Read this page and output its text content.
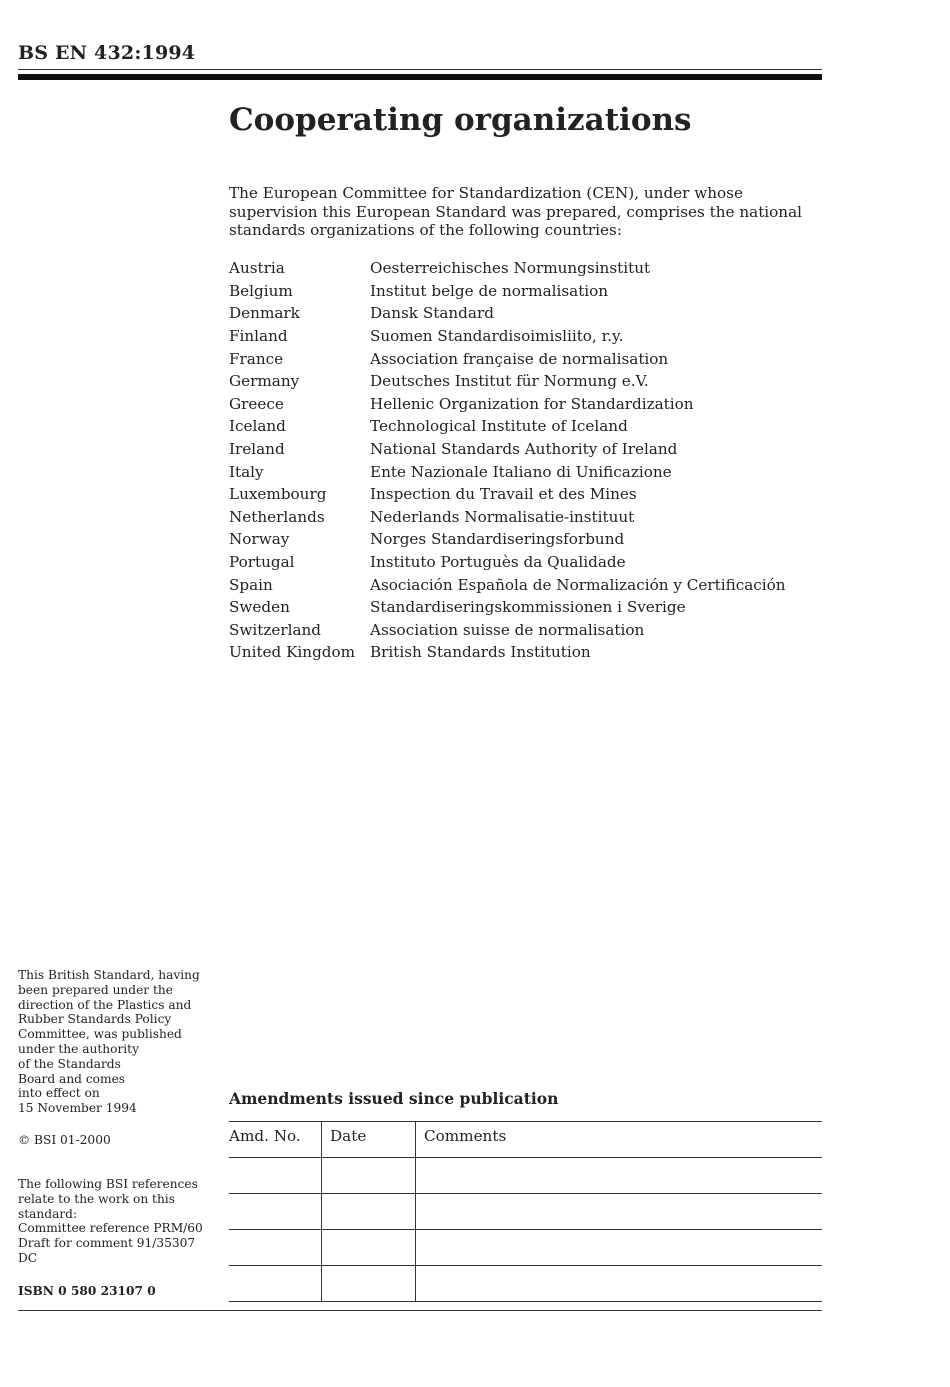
BS EN 432:1994
Cooperating organizations
The European Committee for Standardization (CEN), under whose supervision this European Standard was prepared, comprises the national standards organizations of the following countries:
Austria	Oesterreichisches Normungsinstitut
Belgium	Institut belge de normalisation
Denmark	Dansk Standard
Finland	Suomen Standardisoimisliito, r.y.
France	Association française de normalisation
Germany	Deutsches Institut für Normung e.V.
Greece	Hellenic Organization for Standardization
Iceland	Technological Institute of Iceland
Ireland	National Standards Authority of Ireland
Italy	Ente Nazionale Italiano di Unificazione
Luxembourg	Inspection du Travail et des Mines
Netherlands	Nederlands Normalisatie-instituut
Norway	Norges Standardiseringsforbund
Portugal	Instituto Portuguès da Qualidade
Spain	Asociación Española de Normalización y Certificación
Sweden	Standardiseringskommissionen i Sverige
Switzerland	Association suisse de normalisation
United Kingdom	British Standards Institution
This British Standard, having
been prepared under the
direction of the Plastics and
Rubber Standards Policy
Committee, was published
under the authority
of the Standards
Board and comes
into effect on
15 November 1994
© BSI 01-2000
The following BSI references
relate to the work on this
standard:
Committee reference PRM/60
Draft for comment 91/35307 DC
ISBN 0 580 23107 0
Amendments issued since publication
Amd. No.	Date	Comments
